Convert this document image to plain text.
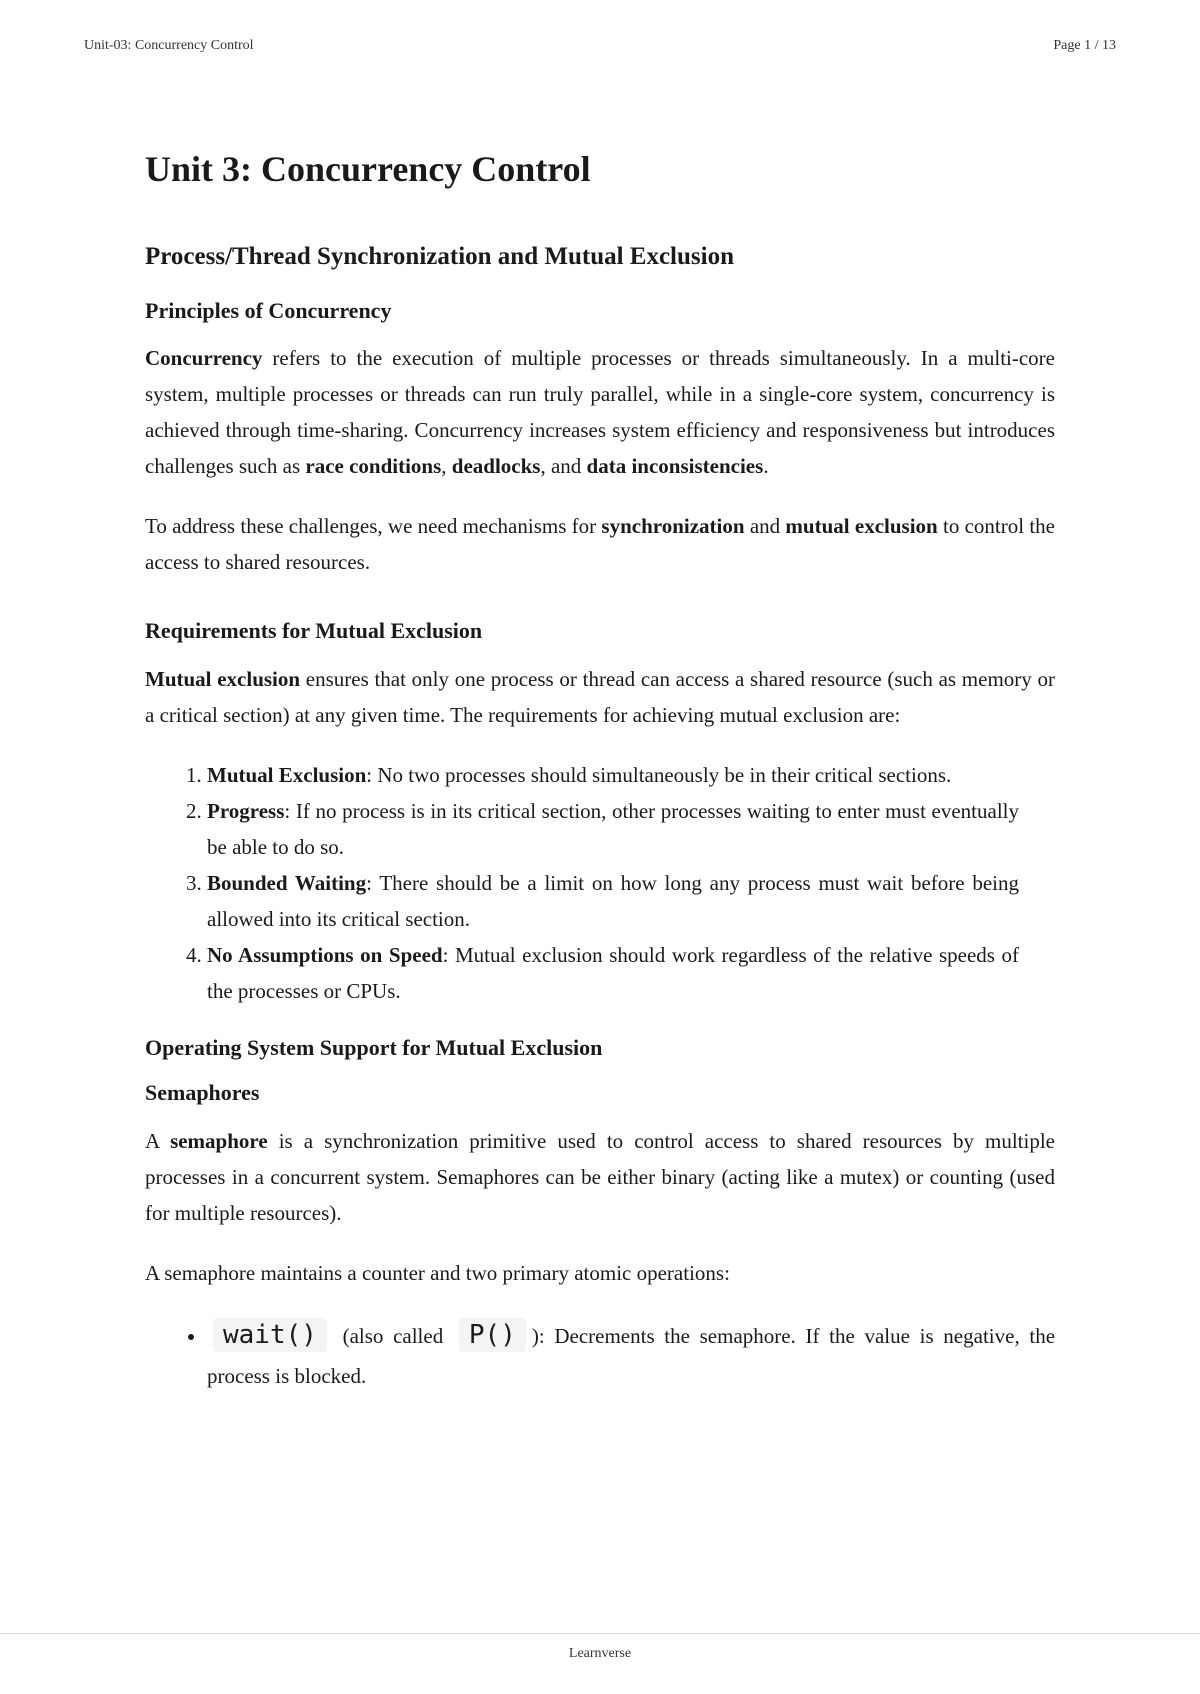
Unit-03: Concurrency Control	Page 1 / 13
Unit 3: Concurrency Control
Process/Thread Synchronization and Mutual Exclusion
Principles of Concurrency

Concurrency refers to the execution of multiple processes or threads simultaneously. In a multi-core system, multiple processes or threads can run truly parallel, while in a single-core system, concurrency is achieved through time-sharing. Concurrency increases system efficiency and responsiveness but introduces challenges such as race conditions, deadlocks, and data inconsistencies.

To address these challenges, we need mechanisms for synchronization and mutual exclusion to control the access to shared resources.

Requirements for Mutual Exclusion

Mutual exclusion ensures that only one process or thread can access a shared resource (such as memory or a critical section) at any given time. The requirements for achieving mutual exclusion are:

1. Mutual Exclusion: No two processes should simultaneously be in their critical sections.
2. Progress: If no process is in its critical section, other processes waiting to enter must eventually be able to do so.
3. Bounded Waiting: There should be a limit on how long any process must wait before being allowed into its critical section.
4. No Assumptions on Speed: Mutual exclusion should work regardless of the relative speeds of the processes or CPUs.
Operating System Support for Mutual Exclusion
Semaphores

A semaphore is a synchronization primitive used to control access to shared resources by multiple processes in a concurrent system. Semaphores can be either binary (acting like a mutex) or counting (used for multiple resources).

A semaphore maintains a counter and two primary atomic operations:

• wait() (also called P() ): Decrements the semaphore. If the value is negative, the process is blocked.
Learnverse
